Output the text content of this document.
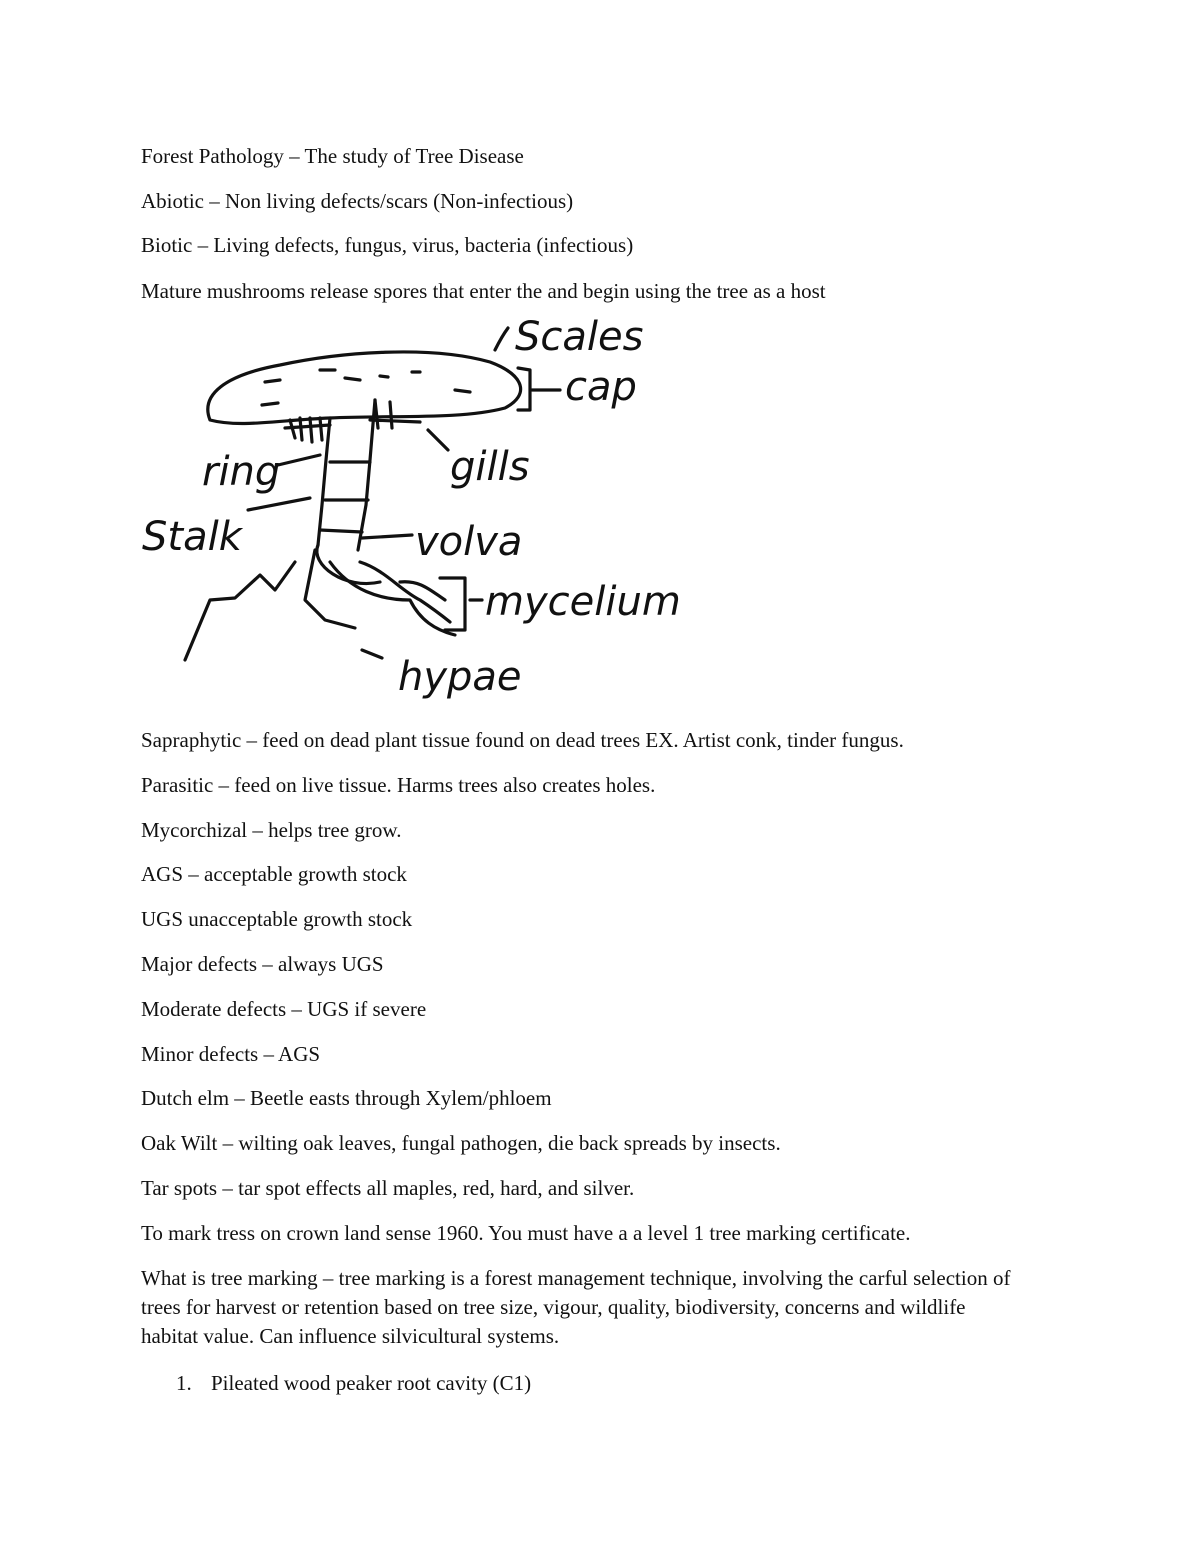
Forest Pathology – The study of Tree Disease
Abiotic – Non living defects/scars (Non-infectious)
Biotic – Living defects, fungus, virus, bacteria (infectious)
Mature mushrooms release spores that enter the and begin using the tree as a host
Scales
cap
gills
ring
Stalk	volva
mycelium
hypae
Sapraphytic – feed on dead plant tissue found on dead trees EX. Artist conk, tinder fungus.
Parasitic – feed on live tissue. Harms trees also creates holes.
Mycorchizal – helps tree grow.
AGS – acceptable growth stock
UGS unacceptable growth stock
Major defects – always UGS
Moderate defects – UGS if severe
Minor defects – AGS
Dutch elm – Beetle easts through Xylem/phloem
Oak Wilt – wilting oak leaves, fungal pathogen, die back spreads by insects.
Tar spots – tar spot effects all maples, red, hard, and silver.
To mark tress on crown land sense 1960. You must have a a level 1 tree marking certificate.
What is tree marking – tree marking is a forest management technique, involving the carful selection of trees for harvest or retention based on tree size, vigour, quality, biodiversity, concerns and wildlife habitat value. Can influence silvicultural systems.
1. Pileated wood peaker root cavity (C1)
